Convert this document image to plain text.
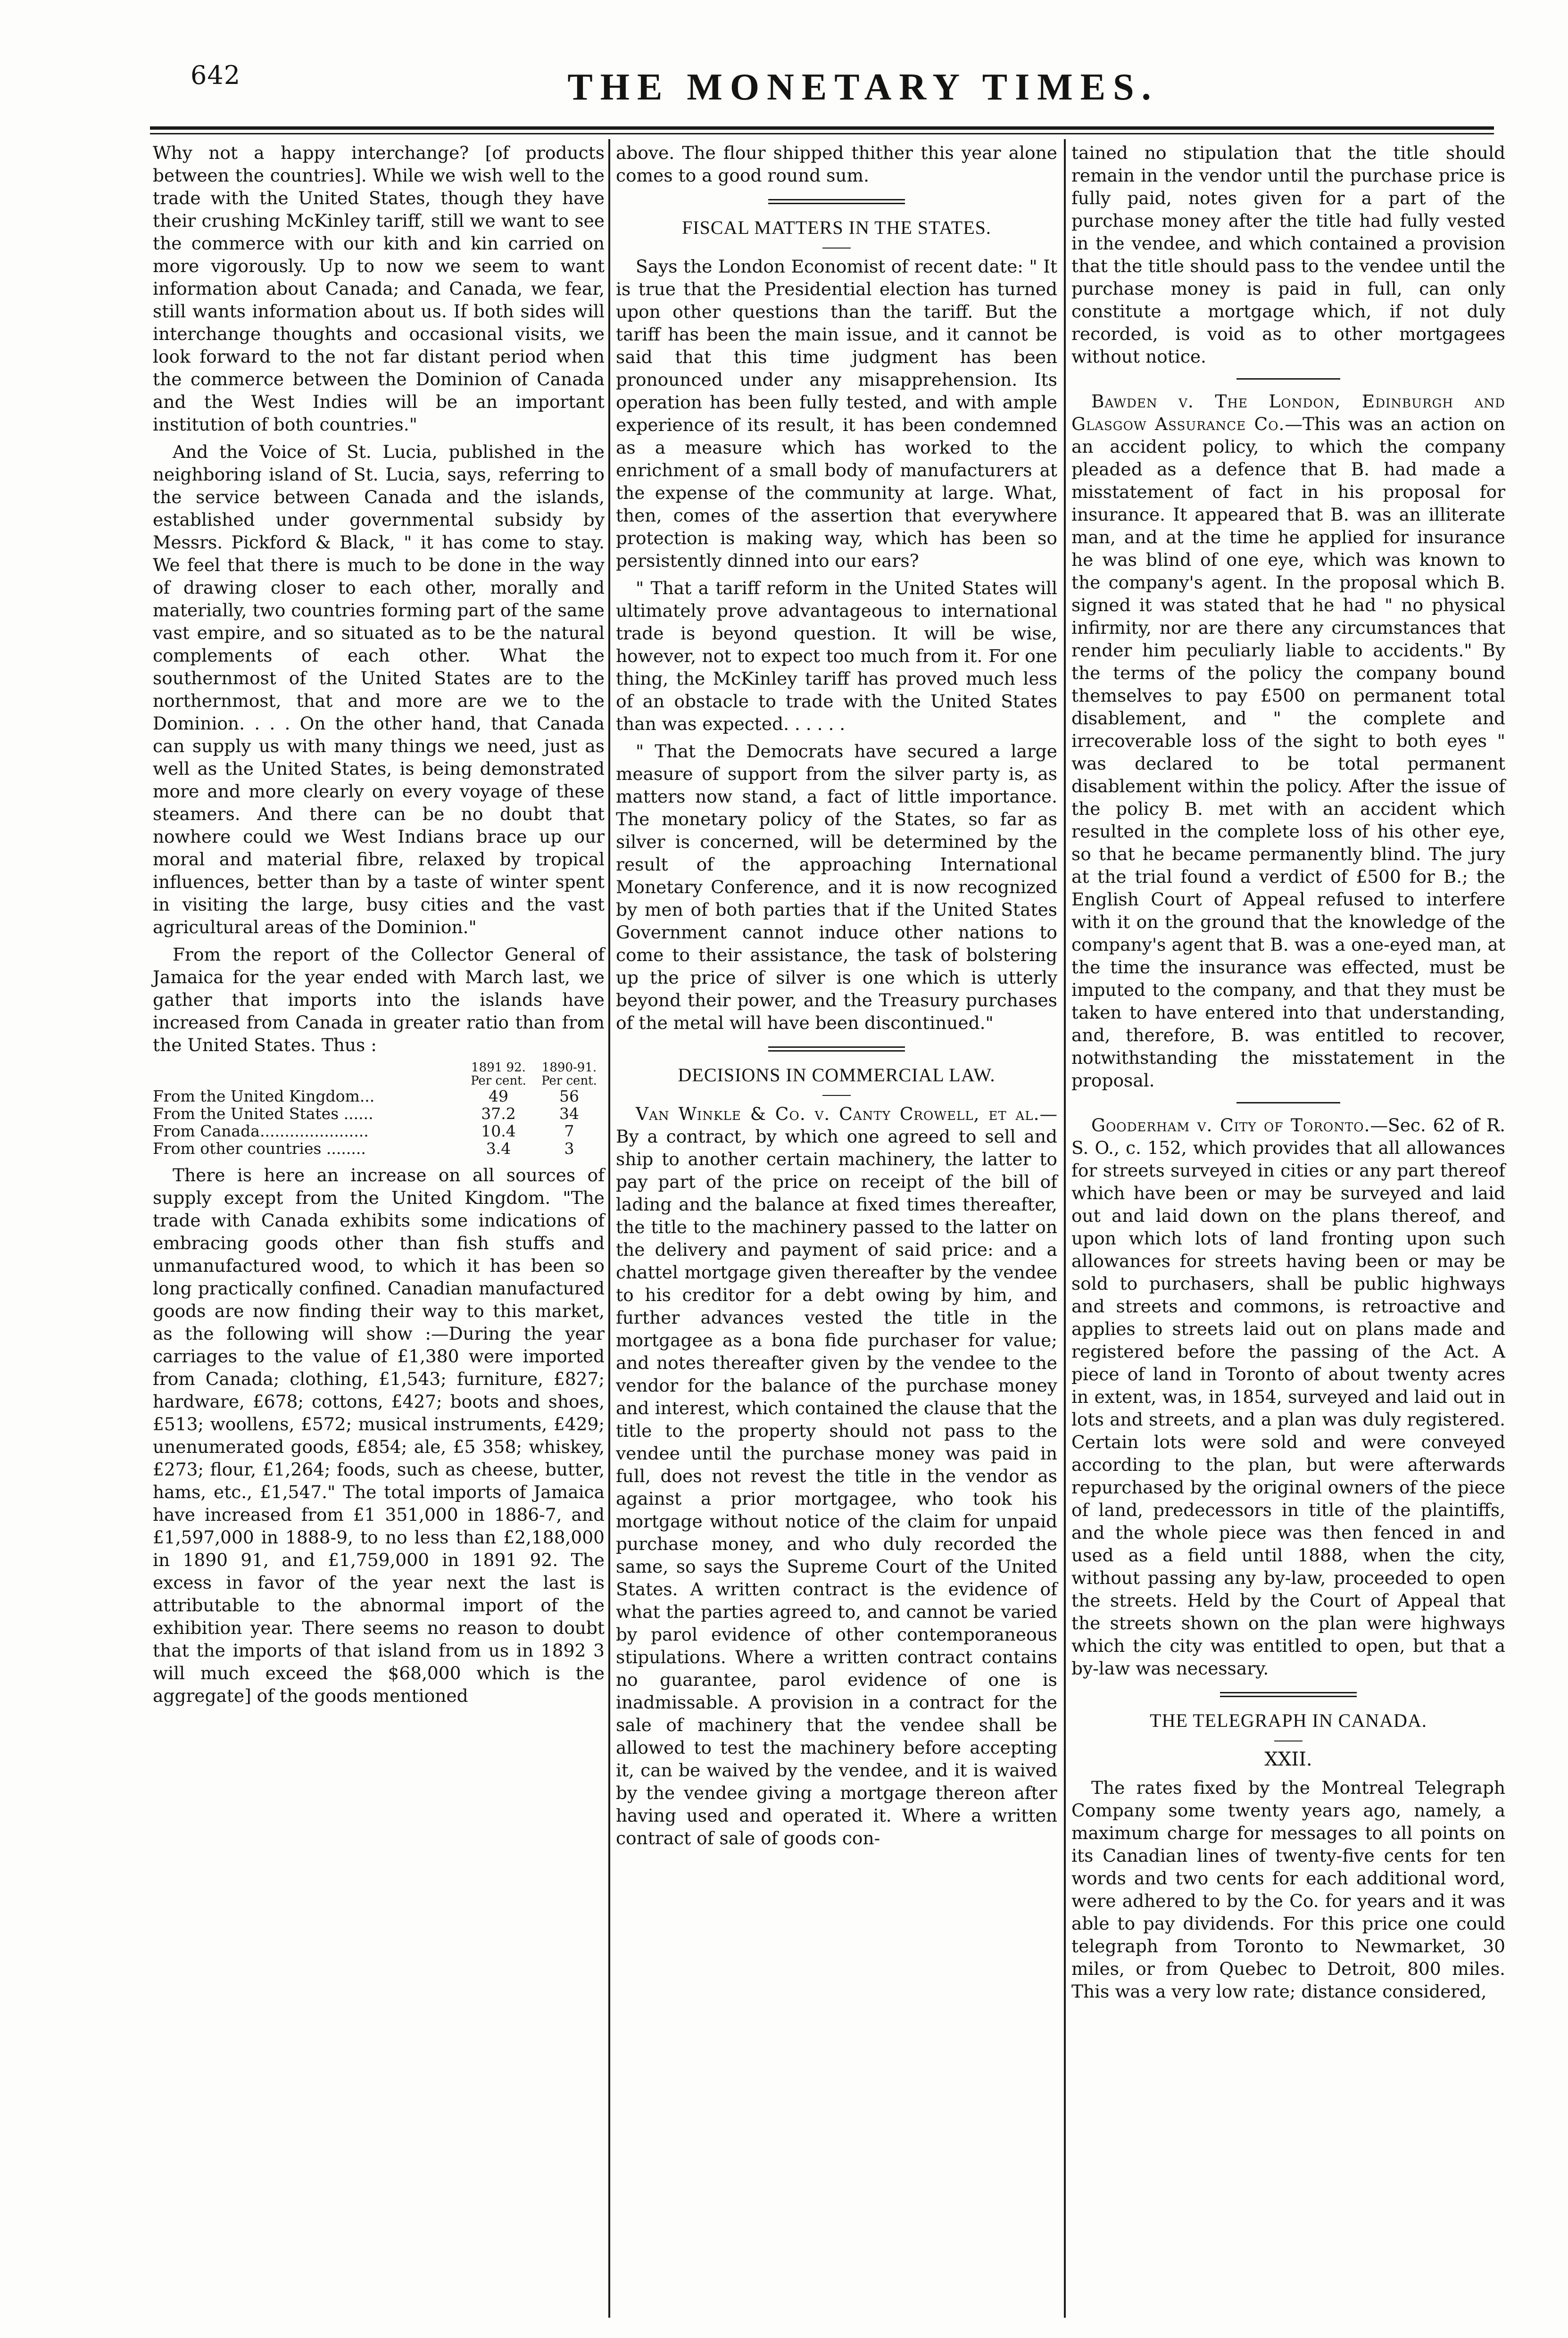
642	THE MONETARY TIMES.

Why not a happy interchange? [of products between the countries]. While we wish well to the trade with the United States, though they have their crushing McKinley tariff, still we want to see the commerce with our kith and kin carried on more vigorously. Up to now we seem to want information about Canada; and Canada, we fear, still wants information about us. If both sides will interchange thoughts and occasional visits, we look forward to the not far distant period when the commerce between the Dominion of Canada and the West Indies will be an important institution of both countries."

And the Voice of St. Lucia, published in the neighboring island of St. Lucia, says, referring to the service between Canada and the islands, established under governmental subsidy by Messrs. Pickford & Black, " it has come to stay. We feel that there is much to be done in the way of drawing closer to each other, morally and materially, two countries forming part of the same vast empire, and so situated as to be the natural complements of each other. What the southernmost of the United States are to the northernmost, that and more are we to the Dominion. . . . On the other hand, that Canada can supply us with many things we need, just as well as the United States, is being demonstrated more and more clearly on every voyage of these steamers. And there can be no doubt that nowhere could we West Indians brace up our moral and material fibre, relaxed by tropical influences, better than by a taste of winter spent in visiting the large, busy cities and the vast agricultural areas of the Dominion."

From the report of the Collector General of Jamaica for the year ended with March last, we gather that imports into the islands have increased from Canada in greater ratio than from the United States. Thus :

	1891 92.	1890-91.
	Per cent.	Per cent.
From the United Kingdom...	49	56
From the United States ......	37.2	34
From Canada......................	10.4	7
From other countries ........	3.4	3

There is here an increase on all sources of supply except from the United Kingdom. "The trade with Canada exhibits some indications of embracing goods other than fish stuffs and unmanufactured wood, to which it has been so long practically confined. Canadian manufactured goods are now finding their way to this market, as the following will show :—During the year carriages to the value of £1,380 were imported from Canada; clothing, £1,543; furniture, £827; hardware, £678; cottons, £427; boots and shoes, £513; woollens, £572; musical instruments, £429; unenumerated goods, £854; ale, £5 358; whiskey, £273; flour, £1,264; foods, such as cheese, butter, hams, etc., £1,547." The total imports of Jamaica have increased from £1 351,000 in 1886-7, and £1,597,000 in 1888-9, to no less than £2,188,000 in 1890 91, and £1,759,000 in 1891 92. The excess in favor of the year next the last is attributable to the abnormal import of the exhibition year. There seems no reason to doubt that the imports of that island from us in 1892 3 will much exceed the $68,000 which is the aggregate] of the goods mentioned

above. The flour shipped thither this year alone comes to a good round sum.

FISCAL MATTERS IN THE STATES.

Says the London Economist of recent date: " It is true that the Presidential election has turned upon other questions than the tariff. But the tariff has been the main issue, and it cannot be said that this time judgment has been pronounced under any misapprehension. Its operation has been fully tested, and with ample experience of its result, it has been condemned as a measure which has worked to the enrichment of a small body of manufacturers at the expense of the community at large. What, then, comes of the assertion that everywhere protection is making way, which has been so persistently dinned into our ears?

" That a tariff reform in the United States will ultimately prove advantageous to international trade is beyond question. It will be wise, however, not to expect too much from it. For one thing, the McKinley tariff has proved much less of an obstacle to trade with the United States than was expected. . . . . .

" That the Democrats have secured a large measure of support from the silver party is, as matters now stand, a fact of little importance. The monetary policy of the States, so far as silver is concerned, will be determined by the result of the approaching International Monetary Conference, and it is now recognized by men of both parties that if the United States Government cannot induce other nations to come to their assistance, the task of bolstering up the price of silver is one which is utterly beyond their power, and the Treasury purchases of the metal will have been discontinued."

DECISIONS IN COMMERCIAL LAW.

Van Winkle & Co. v. Canty Crowell, et al.—By a contract, by which one agreed to sell and ship to another certain machinery, the latter to pay part of the price on receipt of the bill of lading and the balance at fixed times thereafter, the title to the machinery passed to the latter on the delivery and payment of said price: and a chattel mortgage given thereafter by the vendee to his creditor for a debt owing by him, and further advances vested the title in the mortgagee as a bona fide purchaser for value; and notes thereafter given by the vendee to the vendor for the balance of the purchase money and interest, which contained the clause that the title to the property should not pass to the vendee until the purchase money was paid in full, does not revest the title in the vendor as against a prior mortgagee, who took his mortgage without notice of the claim for unpaid purchase money, and who duly recorded the same, so says the Supreme Court of the United States. A written contract is the evidence of what the parties agreed to, and cannot be varied by parol evidence of other contemporaneous stipulations. Where a written contract contains no guarantee, parol evidence of one is inadmissable. A provision in a contract for the sale of machinery that the vendee shall be allowed to test the machinery before accepting it, can be waived by the vendee, and it is waived by the vendee giving a mortgage thereon after having used and operated it. Where a written contract of sale of goods con-

tained no stipulation that the title should remain in the vendor until the purchase price is fully paid, notes given for a part of the purchase money after the title had fully vested in the vendee, and which contained a provision that the title should pass to the vendee until the purchase money is paid in full, can only constitute a mortgage which, if not duly recorded, is void as to other mortgagees without notice.

Bawden v. The London, Edinburgh and Glasgow Assurance Co.—This was an action on an accident policy, to which the company pleaded as a defence that B. had made a misstatement of fact in his proposal for insurance. It appeared that B. was an illiterate man, and at the time he applied for insurance he was blind of one eye, which was known to the company's agent. In the proposal which B. signed it was stated that he had " no physical infirmity, nor are there any circumstances that render him peculiarly liable to accidents." By the terms of the policy the company bound themselves to pay £500 on permanent total disablement, and " the complete and irrecoverable loss of the sight to both eyes " was declared to be total permanent disablement within the policy. After the issue of the policy B. met with an accident which resulted in the complete loss of his other eye, so that he became permanently blind. The jury at the trial found a verdict of £500 for B.; the English Court of Appeal refused to interfere with it on the ground that the knowledge of the company's agent that B. was a one-eyed man, at the time the insurance was effected, must be imputed to the company, and that they must be taken to have entered into that understanding, and, therefore, B. was entitled to recover, notwithstanding the misstatement in the proposal.

Gooderham v. City of Toronto.—Sec. 62 of R. S. O., c. 152, which provides that all allowances for streets surveyed in cities or any part thereof which have been or may be surveyed and laid out and laid down on the plans thereof, and upon which lots of land fronting upon such allowances for streets having been or may be sold to purchasers, shall be public highways and streets and commons, is retroactive and applies to streets laid out on plans made and registered before the passing of the Act. A piece of land in Toronto of about twenty acres in extent, was, in 1854, surveyed and laid out in lots and streets, and a plan was duly registered. Certain lots were sold and were conveyed according to the plan, but were afterwards repurchased by the original owners of the piece of land, predecessors in title of the plaintiffs, and the whole piece was then fenced in and used as a field until 1888, when the city, without passing any by-law, proceeded to open the streets. Held by the Court of Appeal that the streets shown on the plan were highways which the city was entitled to open, but that a by-law was necessary.

THE TELEGRAPH IN CANADA.
XXII.

The rates fixed by the Montreal Telegraph Company some twenty years ago, namely, a maximum charge for messages to all points on its Canadian lines of twenty-five cents for ten words and two cents for each additional word, were adhered to by the Co. for years and it was able to pay dividends. For this price one could telegraph from Toronto to Newmarket, 30 miles, or from Quebec to Detroit, 800 miles. This was a very low rate; distance considered,
